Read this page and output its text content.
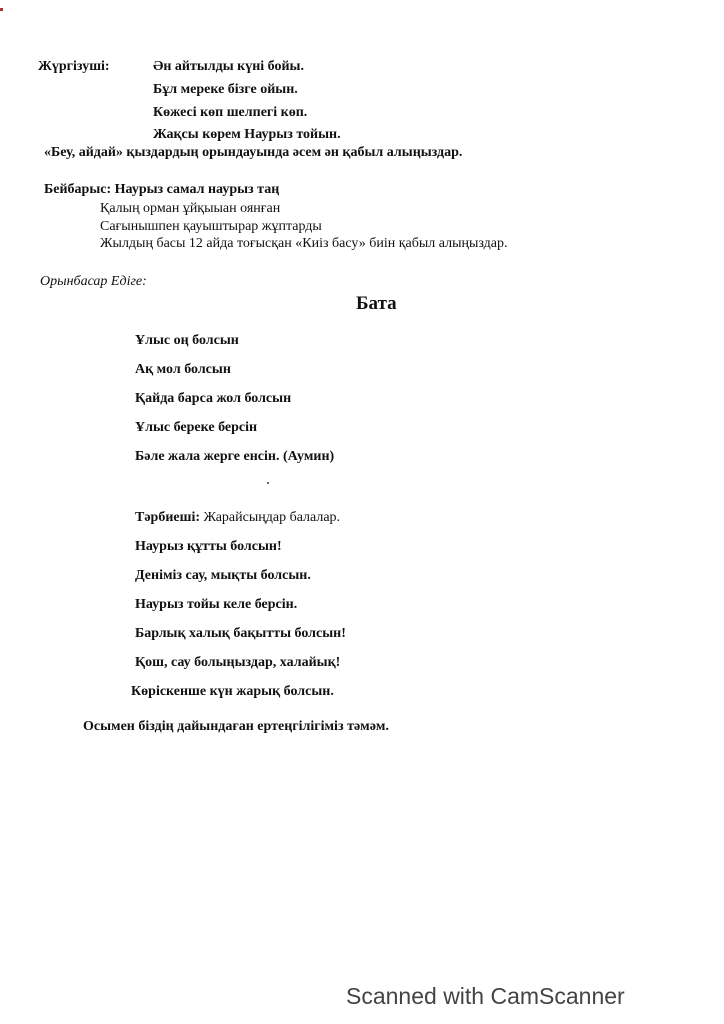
Жүргізуші:	Ән айтылды күні бойы.
Бұл мереке бізге ойын.
Көжесі көп шелпегі көп.
Жақсы көрем Наурыз тойын.
«Беу, айдай» қыздардың орындауында әсем ән қабыл алыңыздар.
Бейбарыс: Наурыз самал наурыз таң
Қалың орман ұйқыыан оянған
Сағынышпен қауыштырар жұптарды
Жылдың басы 12 айда тоғысқан «Киіз басу» биін қабыл алыңыздар.
Орынбасар Едіге:
Бата
Ұлыс оң болсын
Ақ мол болсын
Қайда барса жол болсын
Ұлыс береке берсін
Бәле жала жерге енсін. (Аумин)
Тәрбиеші: Жарайсыңдар балалар.
Наурыз құтты болсын!
Деніміз сау, мықты болсын.
Наурыз тойы келе берсін.
Барлық халық бақытты болсын!
Қош, сау болыңыздар, халайық!
Көріскенше күн жарық болсын.
Осымен біздің дайындаған ертеңгілігіміз тәмәм.
Scanned with CamScanner
